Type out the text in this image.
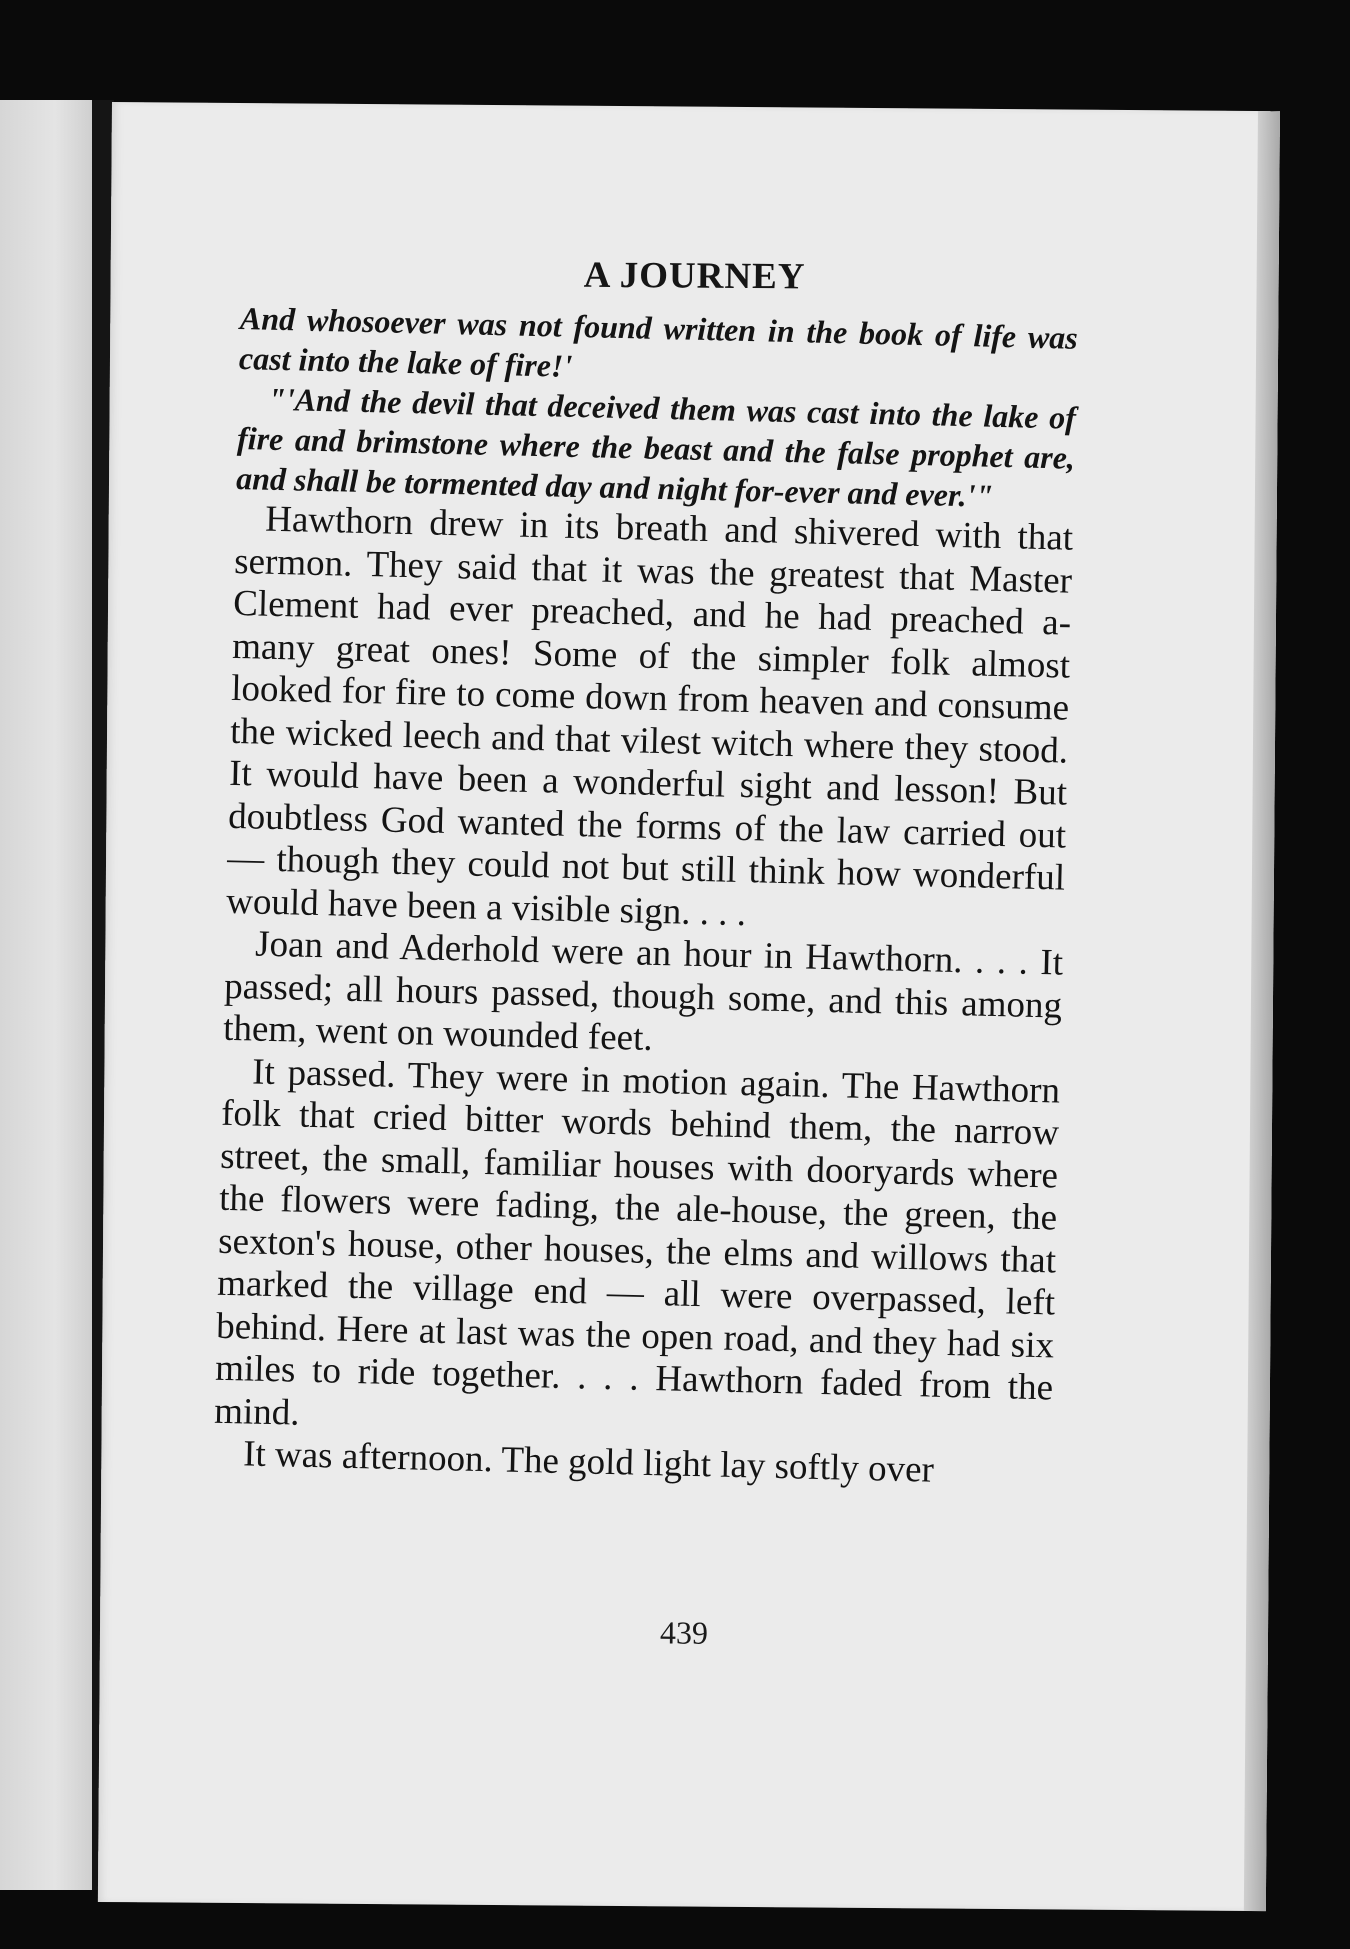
A JOURNEY

And whosoever was not found written in the book of life was cast into the lake of fire!'

"'And the devil that deceived them was cast into the lake of fire and brimstone where the beast and the false prophet are, and shall be tormented day and night for-ever and ever.'"

Hawthorn drew in its breath and shivered with that sermon. They said that it was the greatest that Master Clement had ever preached, and he had preached a-many great ones! Some of the simpler folk almost looked for fire to come down from heaven and consume the wicked leech and that vilest witch where they stood. It would have been a wonderful sight and lesson! But doubtless God wanted the forms of the law carried out — though they could not but still think how wonderful would have been a visible sign. . . .

Joan and Aderhold were an hour in Hawthorn. . . . It passed; all hours passed, though some, and this among them, went on wounded feet.

It passed. They were in motion again. The Hawthorn folk that cried bitter words behind them, the narrow street, the small, familiar houses with dooryards where the flowers were fading, the ale-house, the green, the sexton's house, other houses, the elms and willows that marked the village end — all were overpassed, left behind. Here at last was the open road, and they had six miles to ride together. . . . Hawthorn faded from the mind.

It was afternoon. The gold light lay softly over

439
